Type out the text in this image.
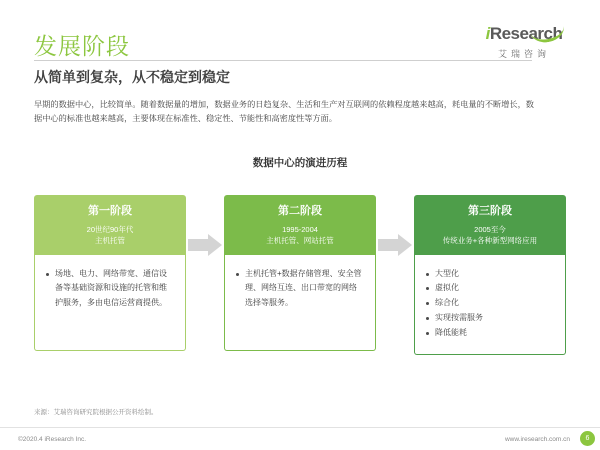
发展阶段
从简单到复杂，从不稳定到稳定
早期的数据中心，比较简单。随着数据量的增加，数据业务的日趋复杂、生活和生产对互联网的依赖程度越来越高，耗电量的不断增长，数据中心的标准也越来越高，主要体现在标准性、稳定性、节能性和高密度性等方面。
iResearch
艾瑞咨询
数据中心的演进历程
第一阶段
20世纪90年代
主机托管
场地、电力、网络带宽、通信设备等基础资源和设施的托管和维护服务，多由电信运营商提供。
第二阶段
1995-2004
主机托管、网站托管
主机托管+数据存储管理、安全管理、网络互连、出口带宽的网络选择等服务。
第三阶段
2005至今
传统业务+各种新型网络应用
大型化
虚拟化
综合化
实现按需服务
降低能耗
来源：艾瑞咨询研究院根据公开资料绘制。
©2020.4 iResearch Inc.	www.iresearch.com.cn	6
